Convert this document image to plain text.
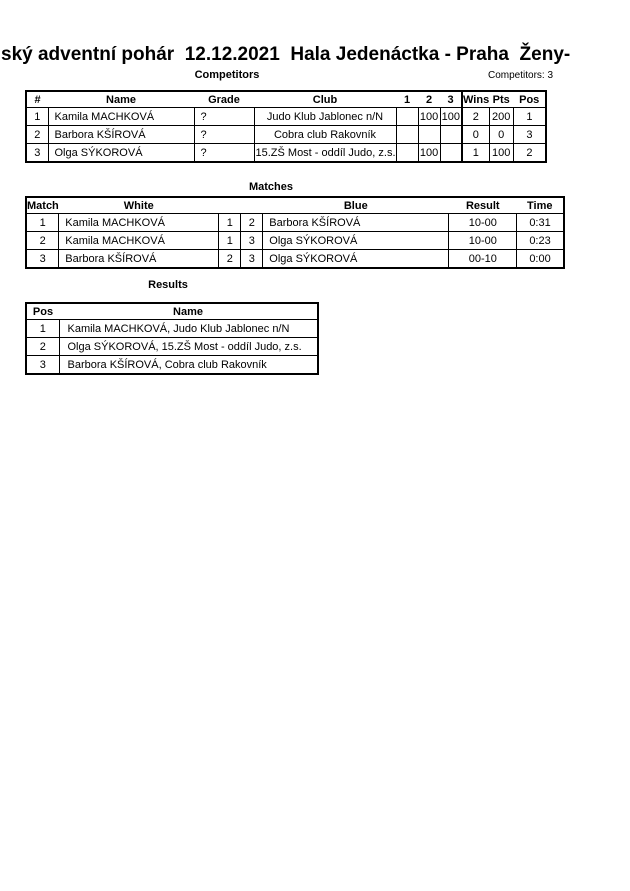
ský adventní pohár  12.12.2021  Hala Jedenáctka - Praha  Ženy-
Competitors	Competitors: 3
#	Name	Grade	Club	1	2	3	Wins	Pts	Pos
1	Kamila MACHKOVÁ	?	Judo Klub Jablonec n/N		100	100	2	200	1
2	Barbora KŠÍROVÁ	?	Cobra club Rakovník				0	0	3
3	Olga SÝKOROVÁ	?	15.ZŠ Most - oddíl Judo, z.s.		100		1	100	2
Matches
Match	White			Blue	Result	Time
1	Kamila MACHKOVÁ	1	2	Barbora KŠÍROVÁ	10-00	0:31
2	Kamila MACHKOVÁ	1	3	Olga SÝKOROVÁ	10-00	0:23
3	Barbora KŠÍROVÁ	2	3	Olga SÝKOROVÁ	00-10	0:00
Results
Pos	Name
1	Kamila MACHKOVÁ, Judo Klub Jablonec n/N
2	Olga SÝKOROVÁ, 15.ZŠ Most - oddíl Judo, z.s.
3	Barbora KŠÍROVÁ, Cobra club Rakovník
